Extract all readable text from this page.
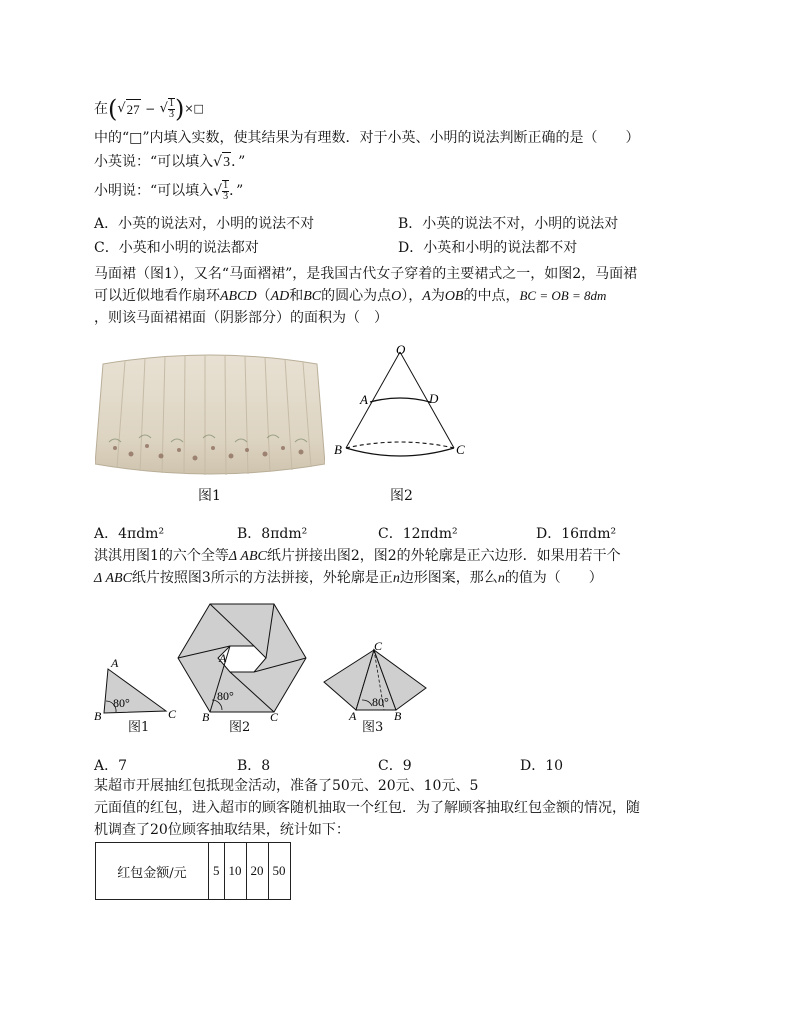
在(√27 − √ $\frac{1}{3}$ )×□
中的“□”内填入实数，使其结果为有理数．对于小英、小明的说法判断正确的是（　　）
小英说：“可以填入√3．”
小明说：“可以填入√ $\frac{1}{3}$ ．”
A．小英的说法对，小明的说法不对	B．小英的说法不对，小明的说法对
C．小英和小明的说法都对	D．小英和小明的说法都不对
马面裙（图1），又名“马面褶裙”，是我国古代女子穿着的主要裙式之一，如图2，马面裙
可以近似地看作扇环ABCD（AD和BC的圆心为点O），A为OB的中点，BC = OB = 8dm
，则该马面裙裙面（阴影部分）的面积为（　）
图1
O
A	D
B	C
图2
A．4πdm²	B．8πdm²	C．12πdm²	D．16πdm²
淇淇用图1的六个全等Δ ABC纸片拼接出图2，图2的外轮廓是正六边形．如果用若干个
Δ ABC纸片按照图3所示的方法拼接，外轮廓是正n边形图案，那么n的值为（　　）
80°
A
B	C
图1
80°
A
B	C
图2
80°
C
A	B
图3
A．7	B．8	C．9	D．10
某超市开展抽红包抵现金活动，准备了50元、20元、10元、5
元面值的红包，进入超市的顾客随机抽取一个红包．为了解顾客抽取红包金额的情况，随
机调查了20位顾客抽取结果，统计如下：
红包金额/元	5	10	20	50
